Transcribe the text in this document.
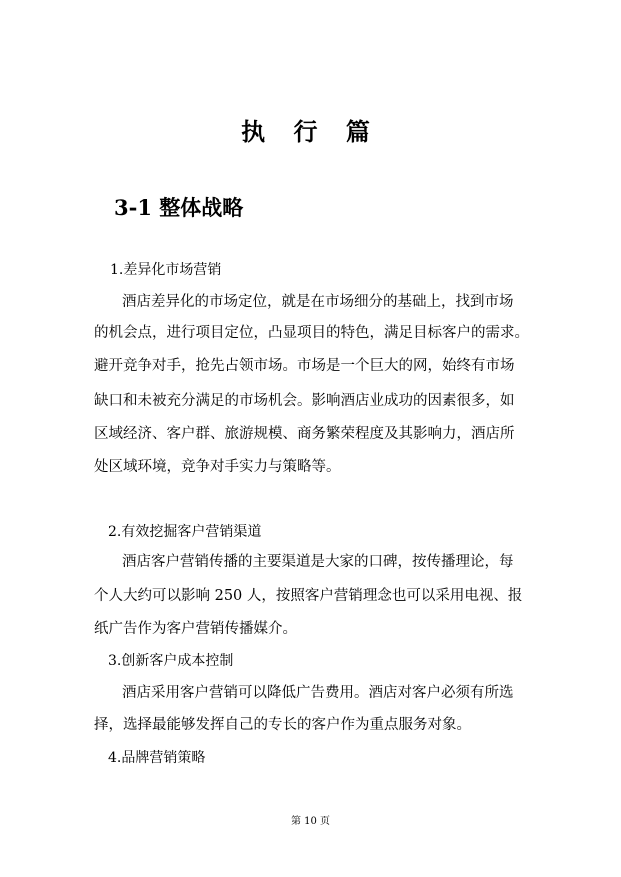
执 行 篇
3-1 整体战略
1.差异化市场营销
酒店差异化的市场定位，就是在市场细分的基础上，找到市场
的机会点，进行项目定位，凸显项目的特色，满足目标客户的需求。
避开竞争对手，抢先占领市场。市场是一个巨大的网，始终有市场
缺口和未被充分满足的市场机会。影响酒店业成功的因素很多，如
区域经济、客户群、旅游规模、商务繁荣程度及其影响力，酒店所
处区域环境，竞争对手实力与策略等。
2.有效挖掘客户营销渠道
酒店客户营销传播的主要渠道是大家的口碑，按传播理论，每
个人大约可以影响 250 人，按照客户营销理念也可以采用电视、报
纸广告作为客户营销传播媒介。
3.创新客户成本控制
酒店采用客户营销可以降低广告费用。酒店对客户必须有所选
择，选择最能够发挥自己的专长的客户作为重点服务对象。
4.品牌营销策略
第 10 页
